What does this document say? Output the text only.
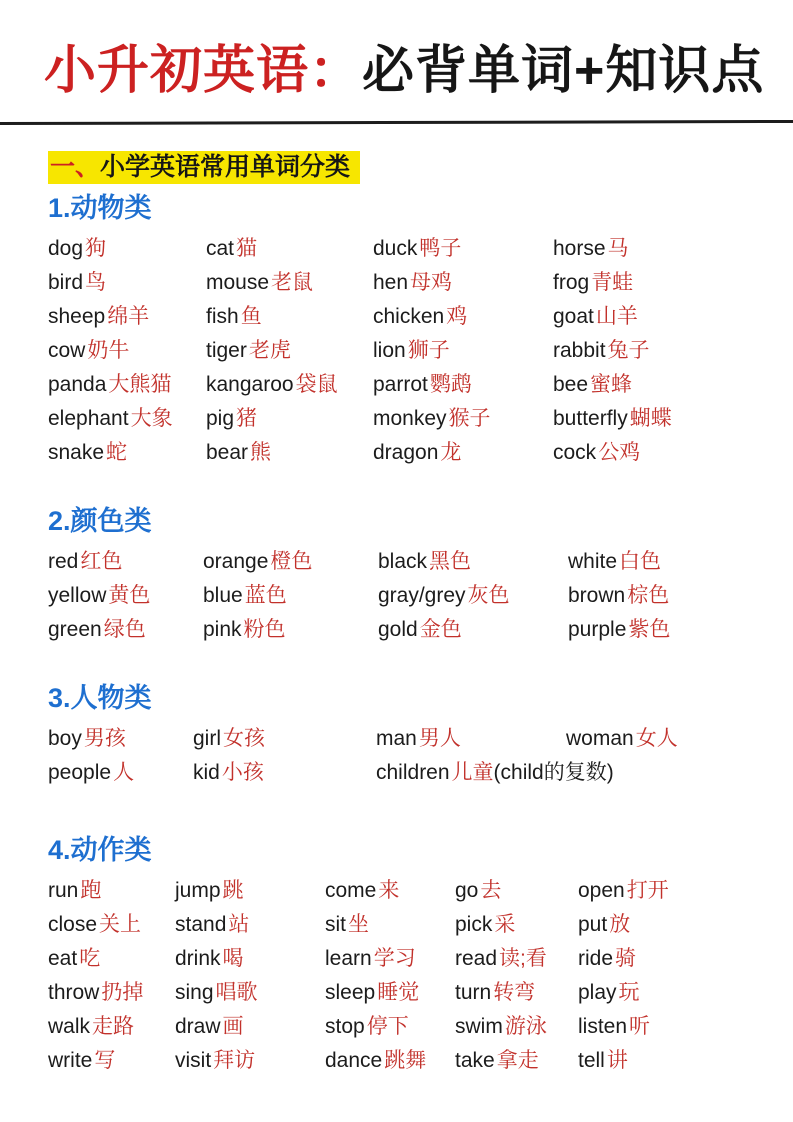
小升初英语：必背单词+知识点
一、小学英语常用单词分类
1.动物类
dog狗	cat猫	duck鸭子	horse马
bird鸟	mouse老鼠	hen母鸡	frog青蛙
sheep绵羊	fish鱼	chicken鸡	goat山羊
cow奶牛	tiger老虎	lion狮子	rabbit兔子
panda大熊猫	kangaroo袋鼠	parrot鹦鹉	bee蜜蜂
elephant大象	pig猪	monkey猴子	butterfly蝴蝶
snake蛇	bear熊	dragon龙	cock公鸡
2.颜色类
red红色	orange橙色	black黑色	white白色
yellow黄色	blue蓝色	gray/grey灰色	brown棕色
green绿色	pink粉色	gold金色	purple紫色
3.人物类
boy男孩	girl女孩	man男人	woman女人
people人	kid小孩	children儿童(child的复数)
4.动作类
run跑	jump跳	come来	go去	open打开
close关上	stand站	sit坐	pick采	put放
eat吃	drink喝	learn学习	read读;看	ride骑
throw扔掉	sing唱歌	sleep睡觉	turn转弯	play玩
walk走路	draw画	stop停下	swim游泳	listen听
write写	visit拜访	dance跳舞	take拿走	tell讲
